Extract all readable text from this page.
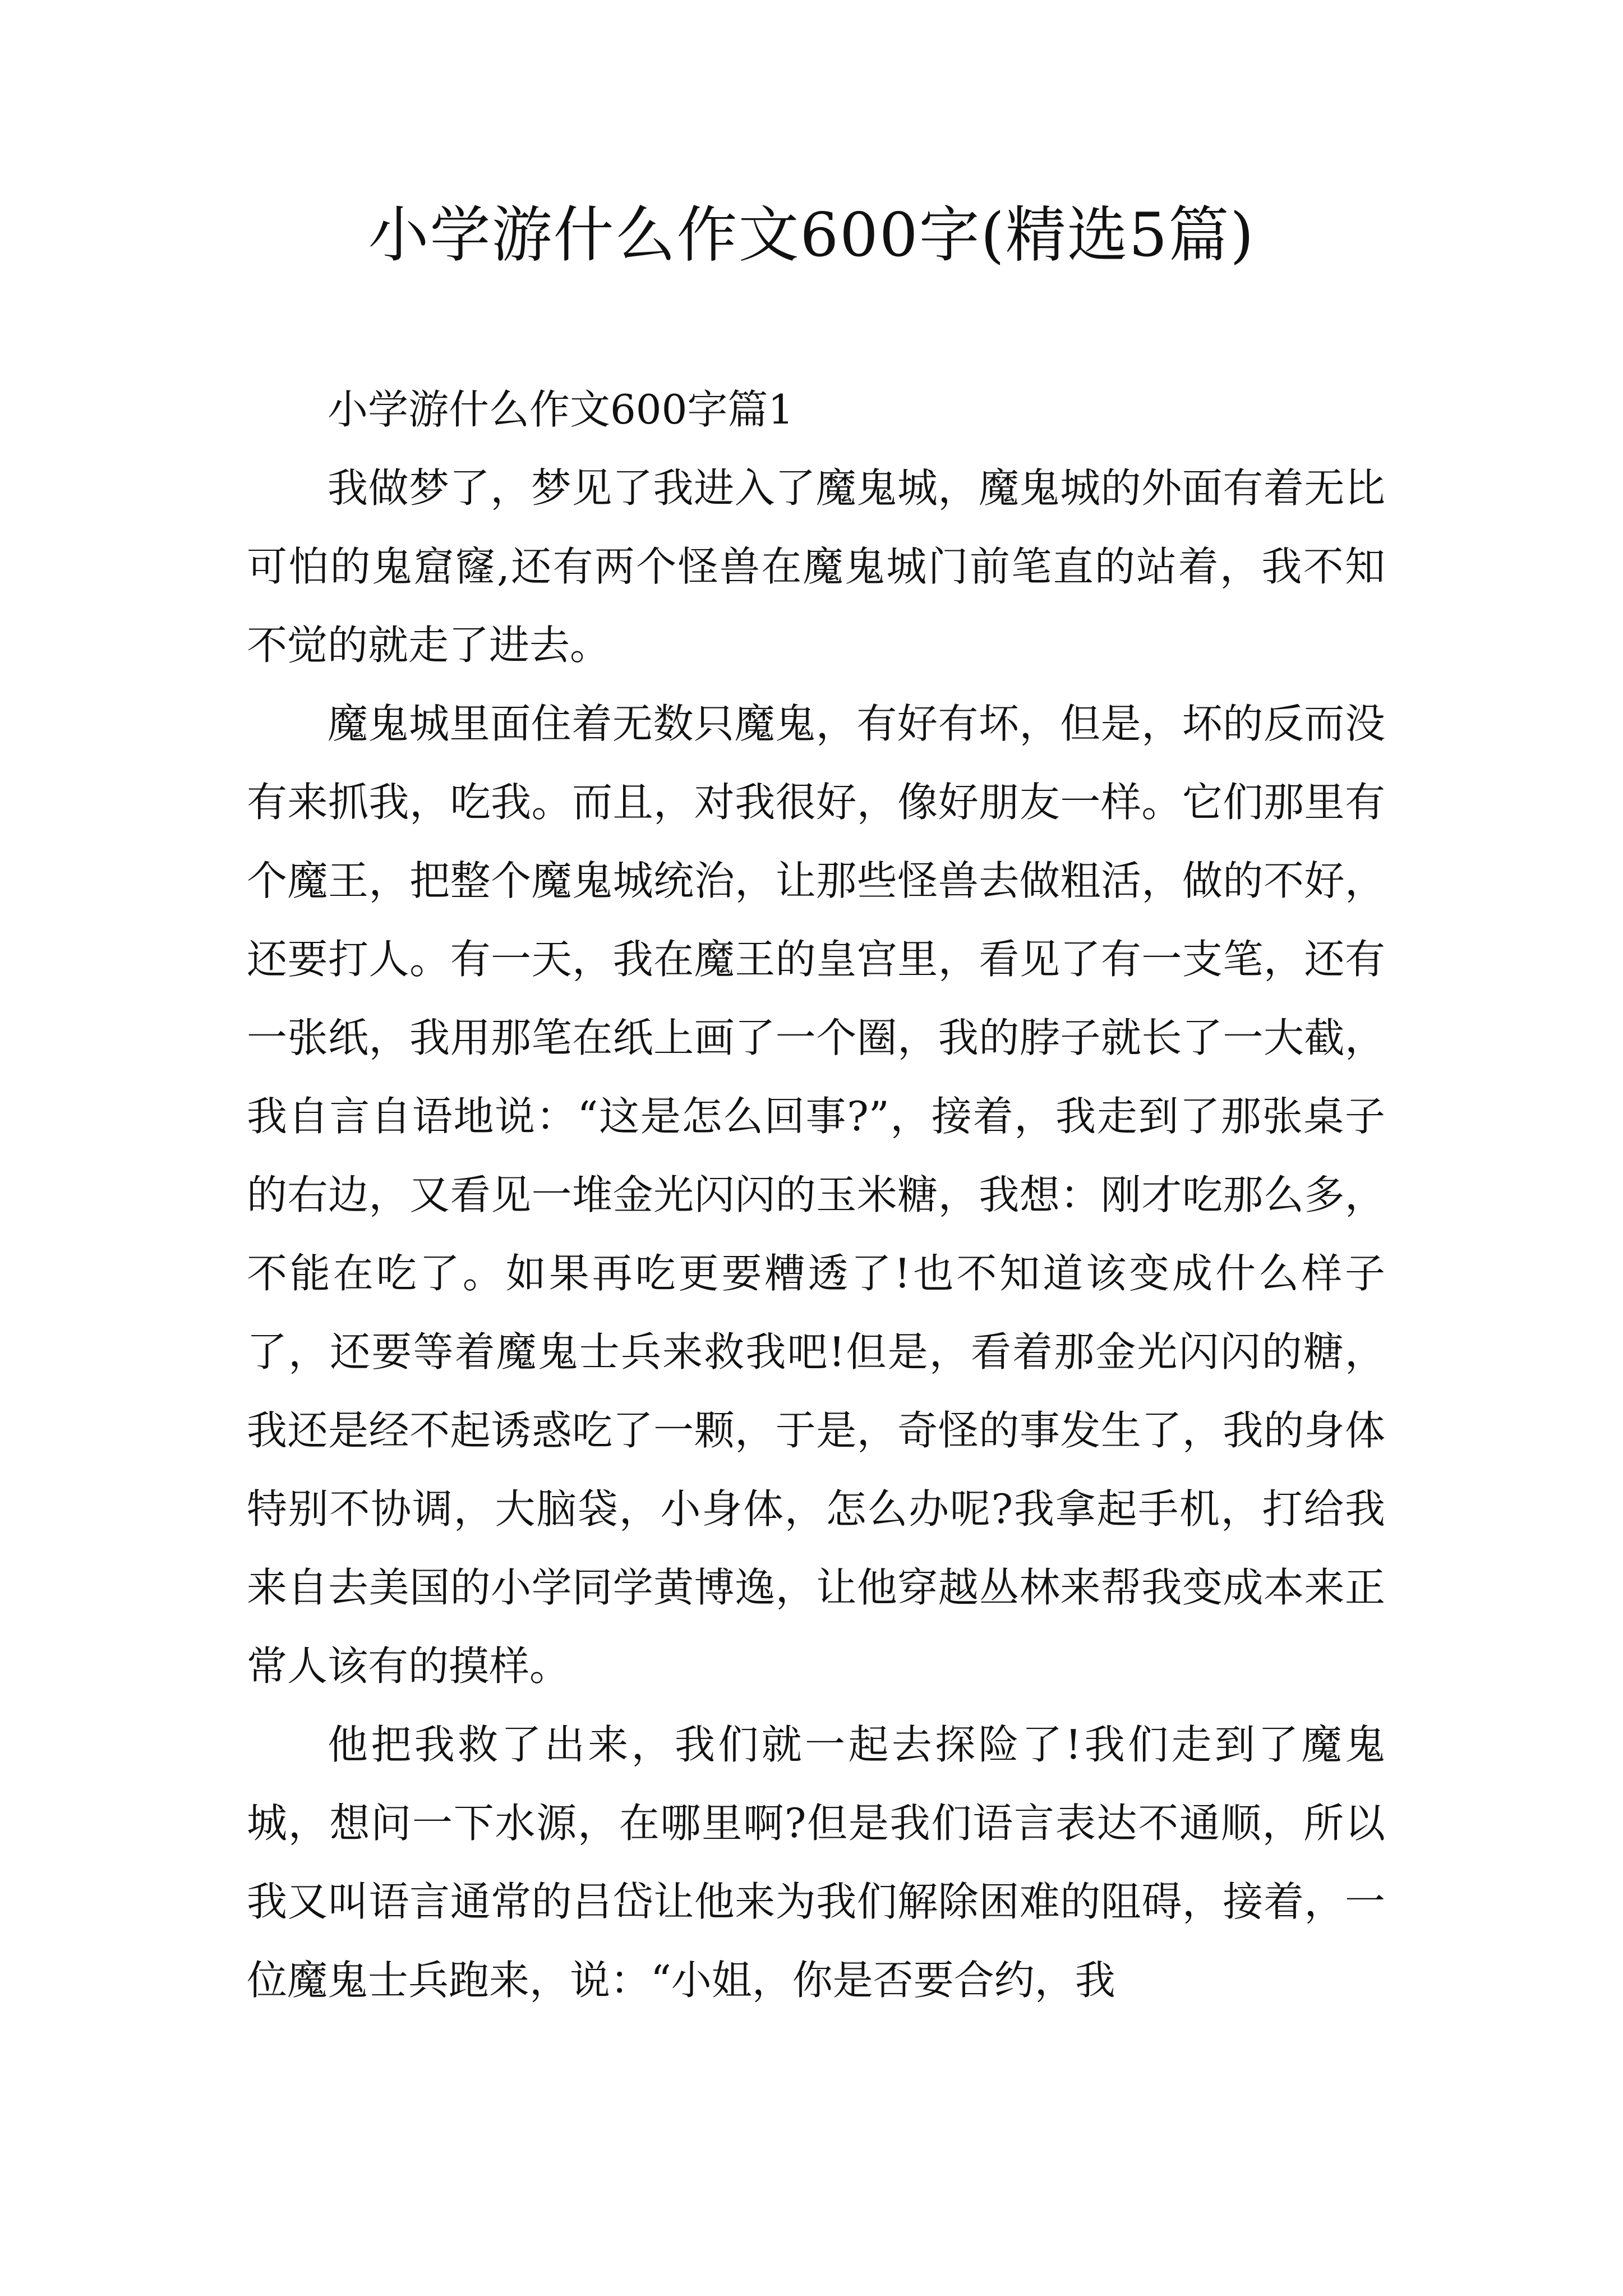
小学游什么作文600字(精选5篇)

小学游什么作文600字篇1

我做梦了，梦见了我进入了魔鬼城，魔鬼城的外面有着无比可怕的鬼窟窿,还有两个怪兽在魔鬼城门前笔直的站着，我不知不觉的就走了进去。

魔鬼城里面住着无数只魔鬼，有好有坏，但是，坏的反而没有来抓我，吃我。而且，对我很好，像好朋友一样。它们那里有个魔王，把整个魔鬼城统治，让那些怪兽去做粗活，做的不好，还要打人。有一天，我在魔王的皇宫里，看见了有一支笔，还有一张纸，我用那笔在纸上画了一个圈，我的脖子就长了一大截，我自言自语地说：“这是怎么回事?”，接着，我走到了那张桌子的右边，又看见一堆金光闪闪的玉米糖，我想：刚才吃那么多，不能在吃了。如果再吃更要糟透了!也不知道该变成什么样子了，还要等着魔鬼士兵来救我吧!但是，看着那金光闪闪的糖，我还是经不起诱惑吃了一颗，于是，奇怪的事发生了，我的身体特别不协调，大脑袋，小身体，怎么办呢?我拿起手机，打给我来自去美国的小学同学黄博逸，让他穿越丛林来帮我变成本来正常人该有的摸样。

他把我救了出来，我们就一起去探险了!我们走到了魔鬼城，想问一下水源，在哪里啊?但是我们语言表达不通顺，所以我又叫语言通常的吕岱让他来为我们解除困难的阻碍，接着，一位魔鬼士兵跑来，说：“小姐，你是否要合约，我
